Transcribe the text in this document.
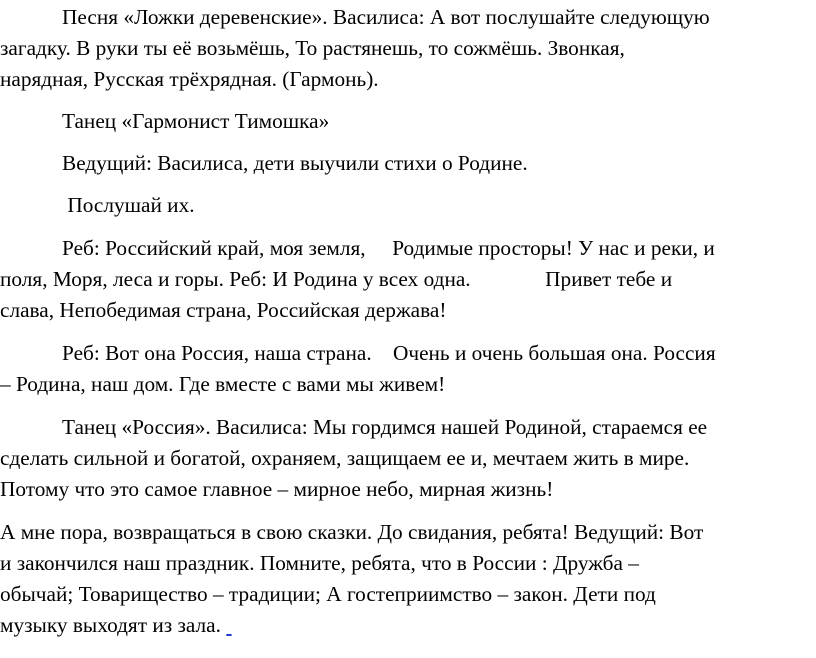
Песня «Ложки деревенские». Василиса: А вот послушайте следующую
загадку. В руки ты её возьмёшь, То растянешь, то сожмёшь. Звонкая,
нарядная, Русская трёхрядная. (Гармонь).
Танец «Гармонист Тимошка»
Ведущий: Василиса, дети выучили стихи о Родине.
Послушай их.
Реб: Российский край, моя земля,     Родимые просторы! У нас и реки, и
поля, Моря, леса и горы. Реб: И Родина у всех одна.              Привет тебе и
слава, Непобедимая страна, Российская держава!
Реб: Вот она Россия, наша страна.    Очень и очень большая она. Россия
– Родина, наш дом. Где вместе с вами мы живем!
Танец «Россия». Василиса: Мы гордимся нашей Родиной, стараемся ее
сделать сильной и богатой, охраняем, защищаем ее и, мечтаем жить в мире.
Потому что это самое главное – мирное небо, мирная жизнь!
А мне пора, возвращаться в свою сказки. До свидания, ребята! Ведущий: Вот
и закончился наш праздник. Помните, ребята, что в России : Дружба –
обычай; Товарищество – традиции; А гостеприимство – закон. Дети под
музыку выходят из зала.
